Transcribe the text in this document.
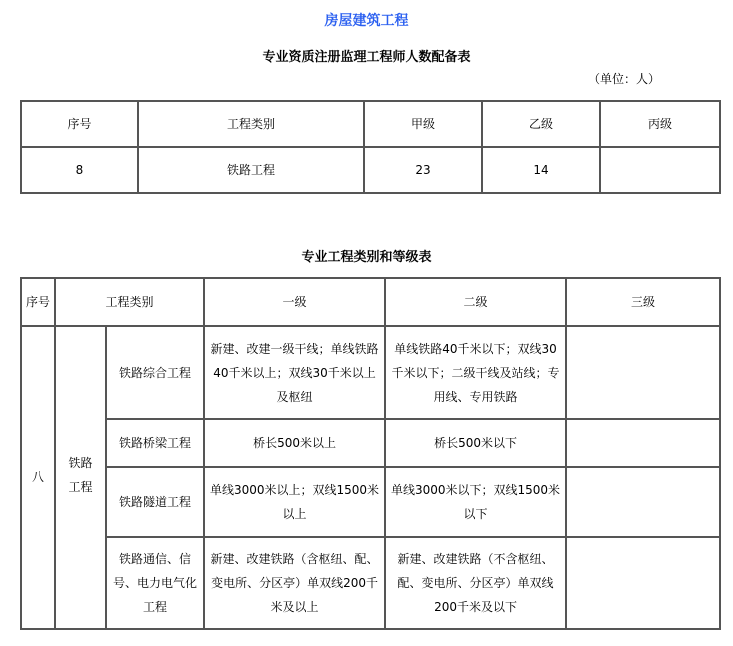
房屋建筑工程
专业资质注册监理工程师人数配备表
（单位：人）
序号	工程类别	甲级	乙级	丙级
8	铁路工程	23	14	
专业工程类别和等级表
序号	工程类别		一级	二级	三级
八	铁路工程	铁路综合工程	新建、改建一级干线；单线铁路40千米以上；双线30千米以上及枢纽	单线铁路40千米以下；双线30千米以下；二级干线及站线；专用线、专用铁路	
		铁路桥梁工程	桥长500米以上	桥长500米以下	
		铁路隧道工程	单线3000米以上；双线1500米以上	单线3000米以下；双线1500米以下	
		铁路通信、信号、电力电气化工程	新建、改建铁路（含枢纽、配、变电所、分区亭）单双线200千米及以上	新建、改建铁路（不含枢纽、配、变电所、分区亭）单双线200千米及以下	
